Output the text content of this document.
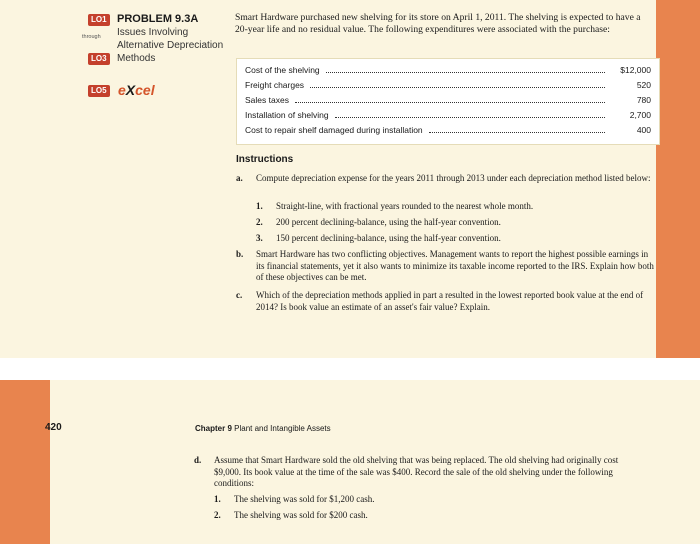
LO1
through
LO3
LO5
PROBLEM 9.3A
Issues Involving Alternative Depreciation Methods
eXcel
Smart Hardware purchased new shelving for its store on April 1, 2011. The shelving is expected to have a 20-year life and no residual value. The following expenditures were associated with the purchase:
Cost of the shelving	$12,000
Freight charges	520
Sales taxes	780
Installation of shelving	2,700
Cost to repair shelf damaged during installation	400
Instructions
a. Compute depreciation expense for the years 2011 through 2013 under each depreciation method listed below:
1. Straight-line, with fractional years rounded to the nearest whole month.
2. 200 percent declining-balance, using the half-year convention.
3. 150 percent declining-balance, using the half-year convention.
b. Smart Hardware has two conflicting objectives. Management wants to report the highest possible earnings in its financial statements, yet it also wants to minimize its taxable income reported to the IRS. Explain how both of these objectives can be met.
c. Which of the depreciation methods applied in part a resulted in the lowest reported book value at the end of 2014? Is book value an estimate of an asset's fair value? Explain.
420	Chapter 9 Plant and Intangible Assets
d. Assume that Smart Hardware sold the old shelving that was being replaced. The old shelving had originally cost $9,000. Its book value at the time of the sale was $400. Record the sale of the old shelving under the following conditions:
1. The shelving was sold for $1,200 cash.
2. The shelving was sold for $200 cash.
